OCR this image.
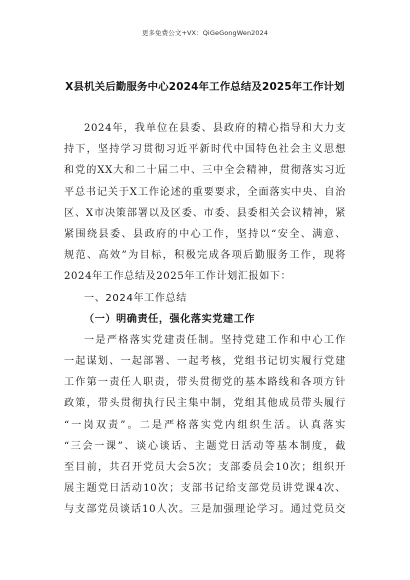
更多免费公文+VX：QiGeGongWen2024
X县机关后勤服务中心2024年工作总结及2025年工作计划
2024年，我单位在县委、县政府的精心指导和大力支
持下，坚持学习贯彻习近平新时代中国特色社会主义思想
和党的XX大和二十届二中、三中全会精神，贯彻落实习近
平总书记关于X工作论述的重要要求，全面落实中央、自治
区、X市决策部署以及区委、市委、县委相关会议精神，紧
紧围绕县委、县政府的中心工作，坚持以“安全、满意、
规范、高效”为目标，积极完成各项后勤服务工作，现将
2024年工作总结及2025年工作计划汇报如下：
一、2024年工作总结
（一）明确责任，强化落实党建工作
一是严格落实党建责任制。坚持党建工作和中心工作
一起谋划、一起部署、一起考核，党组书记切实履行党建
工作第一责任人职责，带头贯彻党的基本路线和各项方针
政策，带头贯彻执行民主集中制，党组其他成员带头履行
“一岗双责”。二是严格落实党内组织生活。认真落实
“三会一课”、谈心谈话、主题党日活动等基本制度，截
至目前，共召开党员大会5次；支部委员会10次；组织开
展主题党日活动10次；支部书记给支部党员讲党课4次、
与支部党员谈话10人次。三是加强理论学习。通过党员交
